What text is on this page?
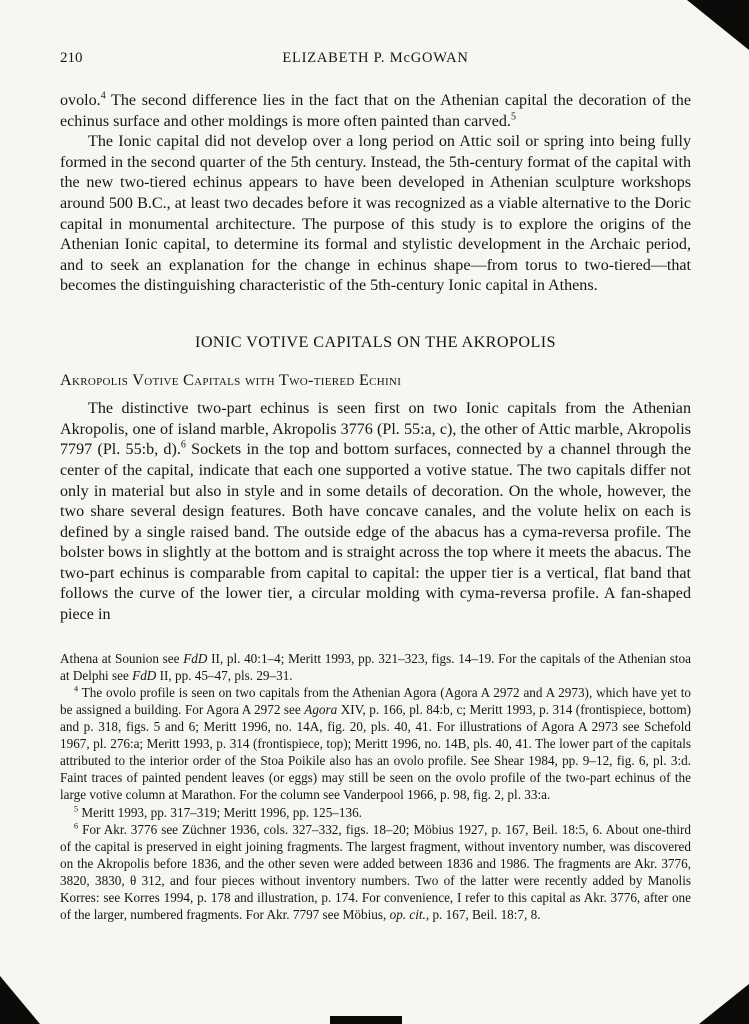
210	ELIZABETH P. McGOWAN

ovolo.$^4$ The second difference lies in the fact that on the Athenian capital the decoration of the echinus surface and other moldings is more often painted than carved.$^5$

The Ionic capital did not develop over a long period on Attic soil or spring into being fully formed in the second quarter of the 5th century. Instead, the 5th-century format of the capital with the new two-tiered echinus appears to have been developed in Athenian sculpture workshops around 500 B.C., at least two decades before it was recognized as a viable alternative to the Doric capital in monumental architecture. The purpose of this study is to explore the origins of the Athenian Ionic capital, to determine its formal and stylistic development in the Archaic period, and to seek an explanation for the change in echinus shape—from torus to two-tiered—that becomes the distinguishing characteristic of the 5th-century Ionic capital in Athens.

IONIC VOTIVE CAPITALS ON THE AKROPOLIS
Akropolis Votive Capitals with Two-tiered Echini

The distinctive two-part echinus is seen first on two Ionic capitals from the Athenian Akropolis, one of island marble, Akropolis 3776 (Pl. 55:a, c), the other of Attic marble, Akropolis 7797 (Pl. 55:b, d).$^6$ Sockets in the top and bottom surfaces, connected by a channel through the center of the capital, indicate that each one supported a votive statue. The two capitals differ not only in material but also in style and in some details of decoration. On the whole, however, the two share several design features. Both have concave canales, and the volute helix on each is defined by a single raised band. The outside edge of the abacus has a cyma-reversa profile. The bolster bows in slightly at the bottom and is straight across the top where it meets the abacus. The two-part echinus is comparable from capital to capital: the upper tier is a vertical, flat band that follows the curve of the lower tier, a circular molding with cyma-reversa profile. A fan-shaped piece in

Athena at Sounion see FdD II, pl. 40:1–4; Meritt 1993, pp. 321–323, figs. 14–19. For the capitals of the Athenian stoa at Delphi see FdD II, pp. 45–47, pls. 29–31.

$^4$ The ovolo profile is seen on two capitals from the Athenian Agora (Agora A 2972 and A 2973), which have yet to be assigned a building. For Agora A 2972 see Agora XIV, p. 166, pl. 84:b, c; Meritt 1993, p. 314 (frontispiece, bottom) and p. 318, figs. 5 and 6; Meritt 1996, no. 14A, fig. 20, pls. 40, 41. For illustrations of Agora A 2973 see Schefold 1967, pl. 276:a; Meritt 1993, p. 314 (frontispiece, top); Meritt 1996, no. 14B, pls. 40, 41. The lower part of the capitals attributed to the interior order of the Stoa Poikile also has an ovolo profile. See Shear 1984, pp. 9–12, fig. 6, pl. 3:d. Faint traces of painted pendent leaves (or eggs) may still be seen on the ovolo profile of the two-part echinus of the large votive column at Marathon. For the column see Vanderpool 1966, p. 98, fig. 2, pl. 33:a.

$^5$ Meritt 1993, pp. 317–319; Meritt 1996, pp. 125–136.

$^6$ For Akr. 3776 see Züchner 1936, cols. 327–332, figs. 18–20; Möbius 1927, p. 167, Beil. 18:5, 6. About one-third of the capital is preserved in eight joining fragments. The largest fragment, without inventory number, was discovered on the Akropolis before 1836, and the other seven were added between 1836 and 1986. The fragments are Akr. 3776, 3820, 3830, θ 312, and four pieces without inventory numbers. Two of the latter were recently added by Manolis Korres: see Korres 1994, p. 178 and illustration, p. 174. For convenience, I refer to this capital as Akr. 3776, after one of the larger, numbered fragments. For Akr. 7797 see Möbius, op. cit., p. 167, Beil. 18:7, 8.
